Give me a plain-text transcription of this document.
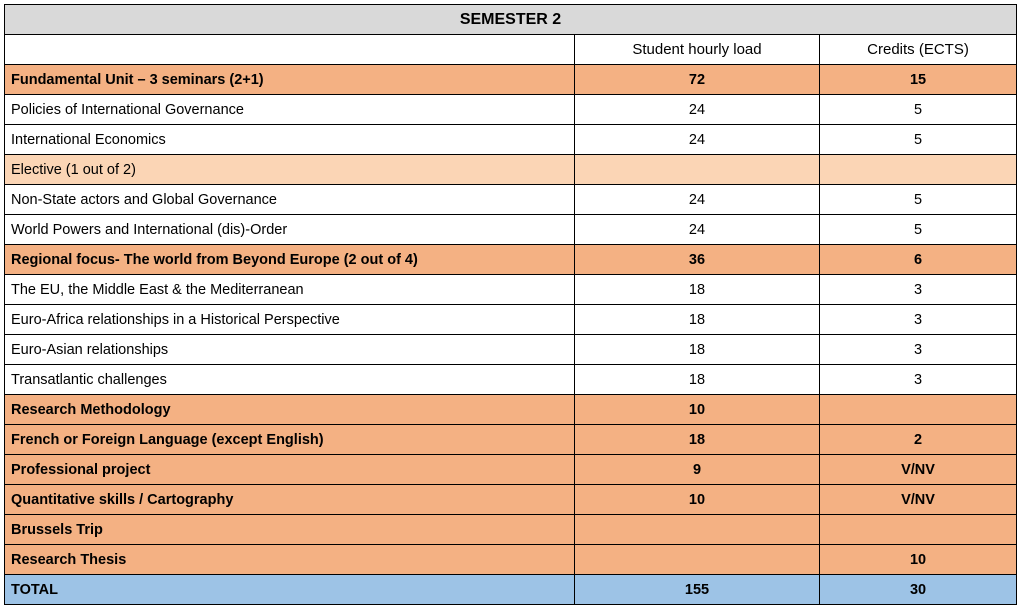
SEMESTER 2		
	Student hourly load	Credits (ECTS)
Fundamental Unit – 3 seminars (2+1)	72	15
Policies of International Governance	24	5
International Economics	24	5
Elective (1 out of 2)		
Non-State actors and Global Governance	24	5
World Powers and International (dis)-Order	24	5
Regional focus- The world from Beyond Europe (2 out of 4)	36	6
The EU, the Middle East & the Mediterranean	18	3
Euro-Africa relationships in a Historical Perspective	18	3
Euro-Asian relationships	18	3
Transatlantic challenges	18	3
Research Methodology	10	
French or Foreign Language (except English)	18	2
Professional project	9	V/NV
Quantitative skills / Cartography	10	V/NV
Brussels Trip		
Research Thesis		10
TOTAL	155	30
